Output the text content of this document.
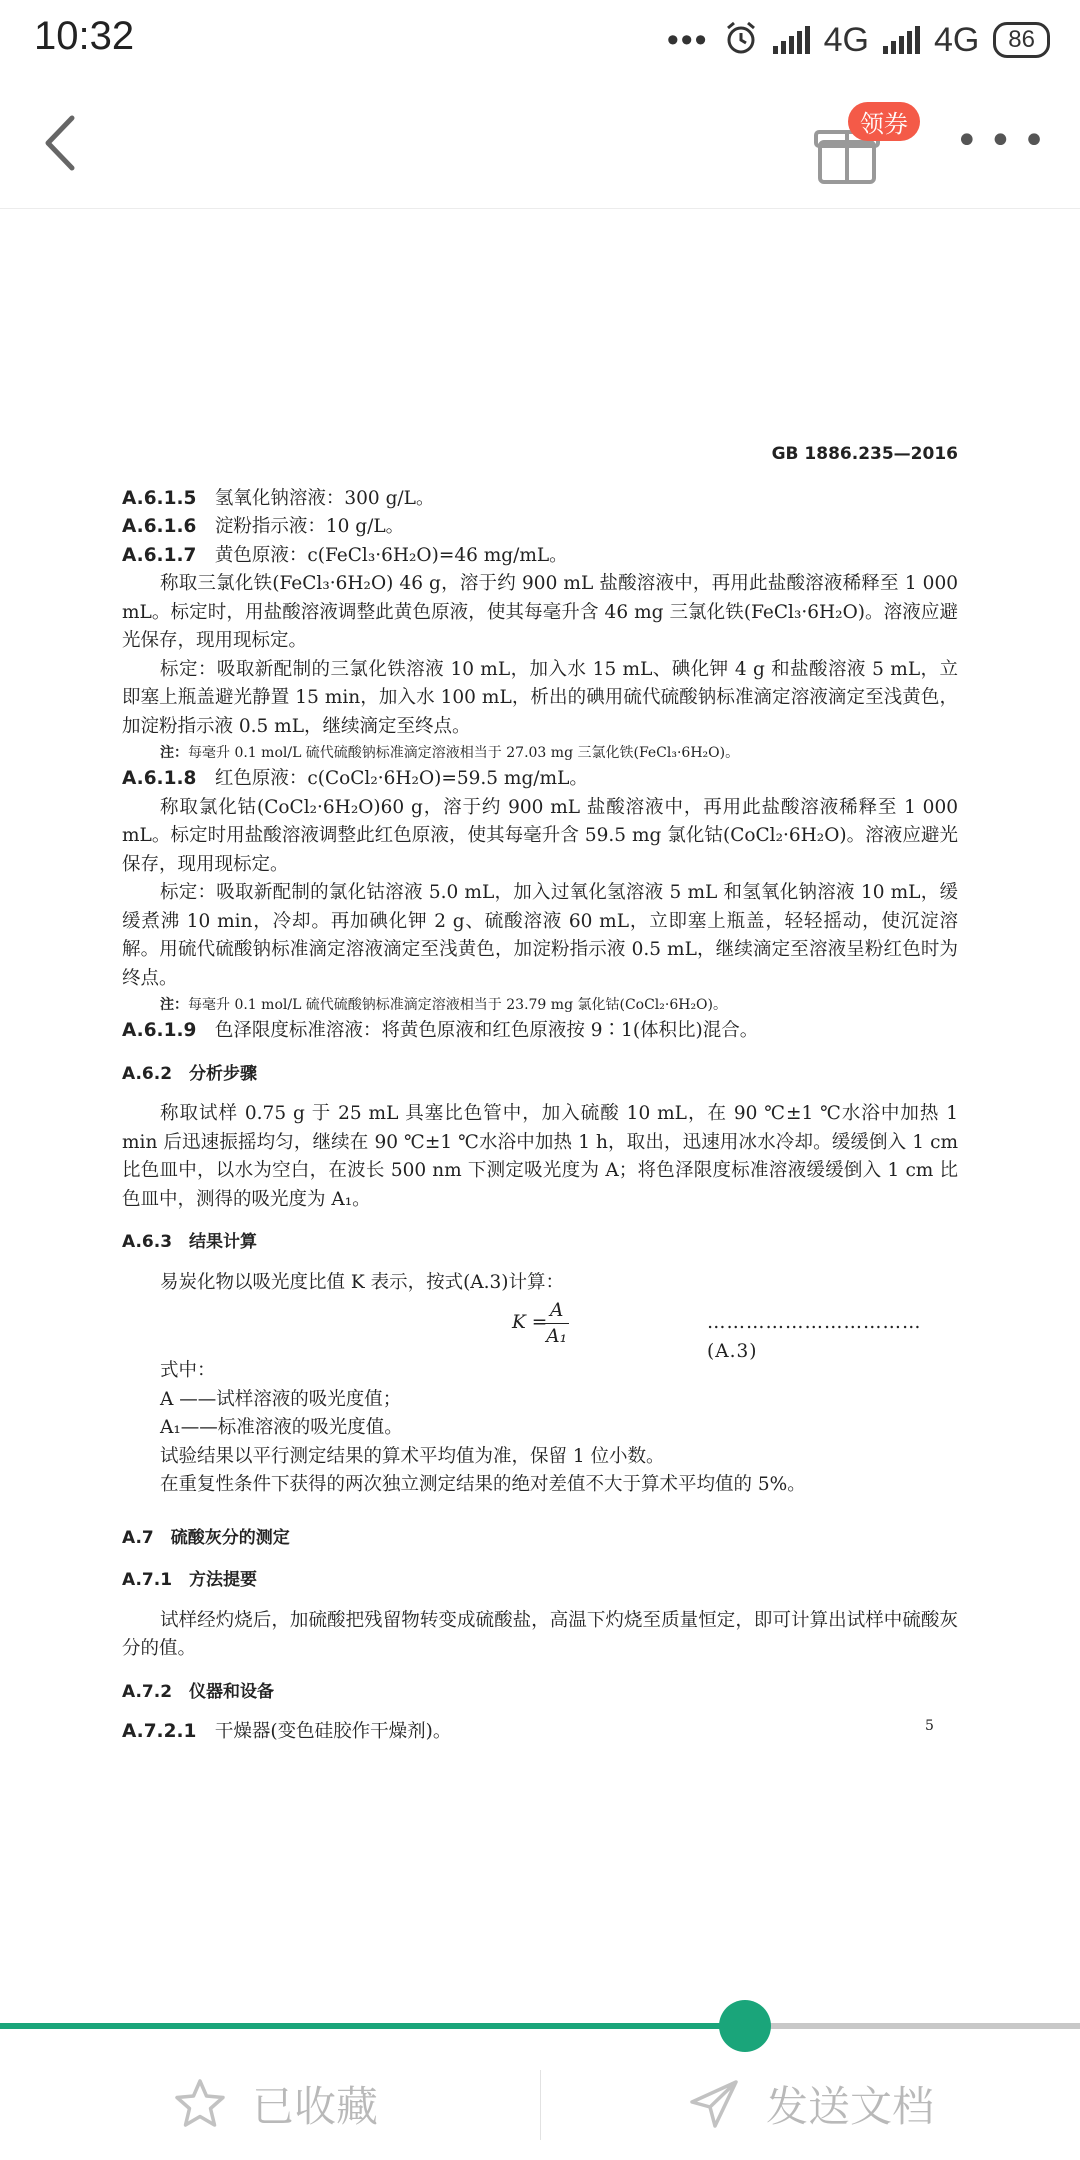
10:32	•••	4G 4G	86
领券	•••
GB 1886.235—2016

A.6.1.5　 氢氧化钠溶液：300 g/L。

A.6.1.6　 淀粉指示液：10 g/L。

A.6.1.7　 黄色原液：c(FeCl₃·6H₂O)=46 mg/mL。

称取三氯化铁(FeCl₃·6H₂O) 46 g，溶于约 900 mL 盐酸溶液中，再用此盐酸溶液稀释至 1 000 mL。标定时，用盐酸溶液调整此黄色原液，使其每毫升含 46 mg 三氯化铁(FeCl₃·6H₂O)。溶液应避光保存，现用现标定。

标定：吸取新配制的三氯化铁溶液 10 mL，加入水 15 mL、碘化钾 4 g 和盐酸溶液 5 mL，立即塞上瓶盖避光静置 15 min，加入水 100 mL，析出的碘用硫代硫酸钠标准滴定溶液滴定至浅黄色，加淀粉指示液 0.5 mL，继续滴定至终点。

注：每毫升 0.1 mol/L 硫代硫酸钠标准滴定溶液相当于 27.03 mg 三氯化铁(FeCl₃·6H₂O)。

A.6.1.8　 红色原液：c(CoCl₂·6H₂O)=59.5 mg/mL。

称取氯化钴(CoCl₂·6H₂O)60 g，溶于约 900 mL 盐酸溶液中，再用此盐酸溶液稀释至 1 000 mL。标定时用盐酸溶液调整此红色原液，使其每毫升含 59.5 mg 氯化钴(CoCl₂·6H₂O)。溶液应避光保存，现用现标定。

标定：吸取新配制的氯化钴溶液 5.0 mL，加入过氧化氢溶液 5 mL 和氢氧化钠溶液 10 mL，缓缓煮沸 10 min，冷却。再加碘化钾 2 g、硫酸溶液 60 mL，立即塞上瓶盖，轻轻摇动，使沉淀溶解。用硫代硫酸钠标准滴定溶液滴定至浅黄色，加淀粉指示液 0.5 mL，继续滴定至溶液呈粉红色时为终点。

注：每毫升 0.1 mol/L 硫代硫酸钠标准滴定溶液相当于 23.79 mg 氯化钴(CoCl₂·6H₂O)。

A.6.1.9　 色泽限度标准溶液：将黄色原液和红色原液按 9∶1(体积比)混合。

A.6.2　分析步骤

称取试样 0.75 g 于 25 mL 具塞比色管中，加入硫酸 10 mL，在 90 ℃±1 ℃水浴中加热 1 min 后迅速振摇均匀，继续在 90 ℃±1 ℃水浴中加热 1 h，取出，迅速用冰水冷却。缓缓倒入 1 cm 比色皿中，以水为空白，在波长 500 nm 下测定吸光度为 A；将色泽限度标准溶液缓缓倒入 1 cm 比色皿中，测得的吸光度为 A₁。

A.6.3　结果计算

易炭化物以吸光度比值 K 表示，按式(A.3)计算：

K =
$\frac{A}{\text{A₁}}$	……………………………(A.3)

式中：

A ——试样溶液的吸光度值；

A₁——标准溶液的吸光度值。

试验结果以平行测定结果的算术平均值为准，保留 1 位小数。

在重复性条件下获得的两次独立测定结果的绝对差值不大于算术平均值的 5%。

A.7　硫酸灰分的测定
A.7.1　方法提要

试样经灼烧后，加硫酸把残留物转变成硫酸盐，高温下灼烧至质量恒定，即可计算出试样中硫酸灰分的值。

A.7.2　仪器和设备

A.7.2.1　 干燥器(变色硅胶作干燥剂)。	5
已收藏	发送文档
